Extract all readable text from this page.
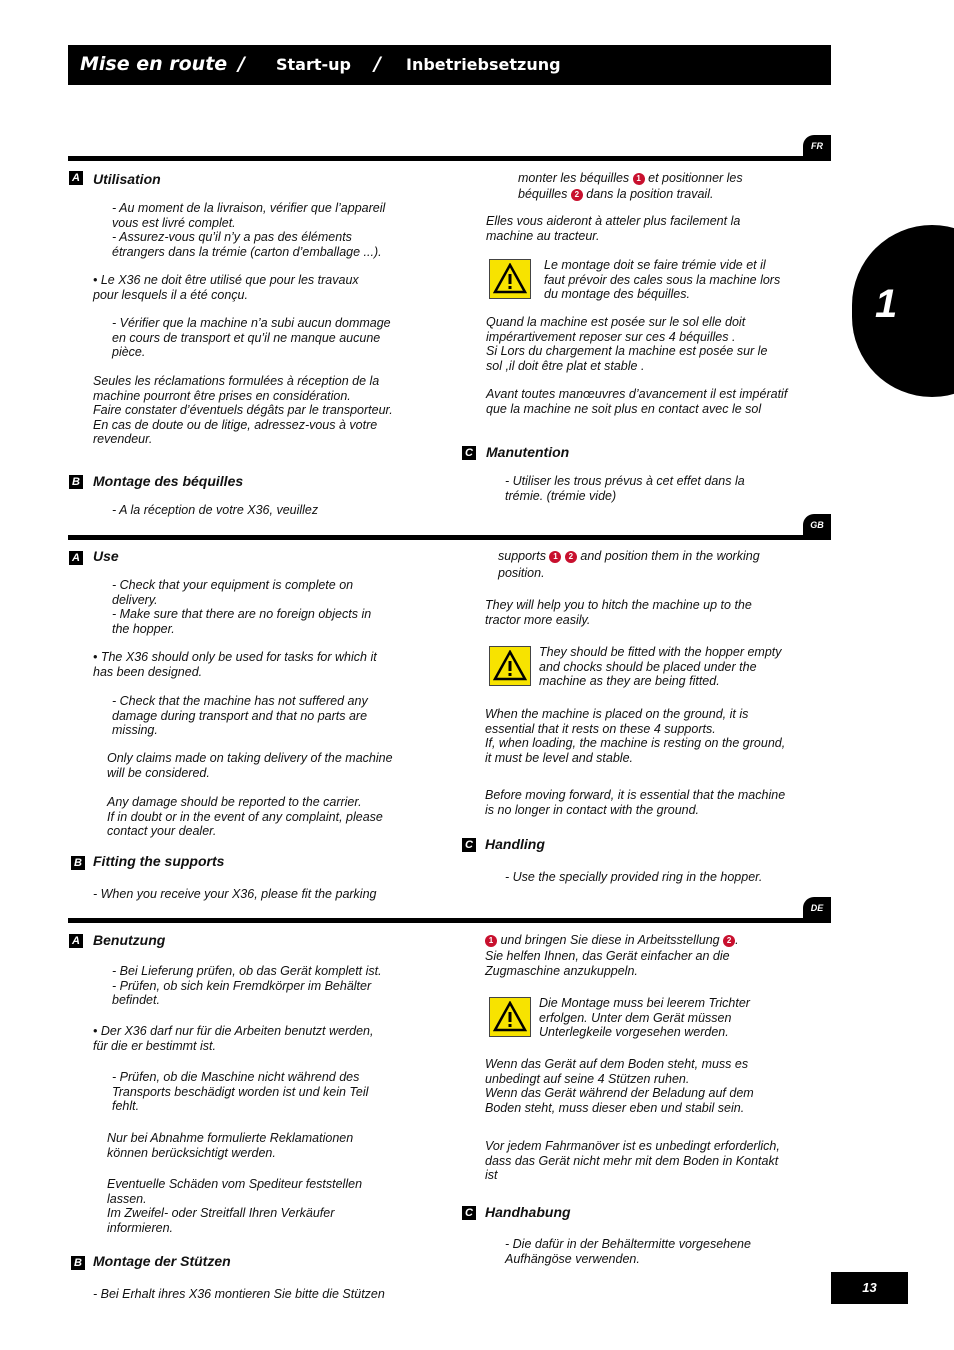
Mise en route / Start-up / Inbetriebsetzung
1
FR
A Utilisation
- Au moment de la livraison, vérifier que l’appareil
vous est livré complet.
- Assurez-vous qu’il n’y a pas des éléments
étrangers dans la trémie (carton d’emballage ...).
• Le X36 ne doit être utilisé que pour les travaux
pour lesquels il a été conçu.
- Vérifier que la machine n’a subi aucun dommage
en cours de transport et qu’il ne manque aucune
pièce.
Seules les réclamations formulées à réception de la
machine pourront être prises en considération.
Faire constater d’éventuels dégâts par le transporteur.
En cas de doute ou de litige, adressez-vous à votre
revendeur.
B Montage des béquilles
- A la réception de votre X36, veuillez
monter les béquilles 1 et positionner les
béquilles 2 dans la position travail.
Elles vous aideront à atteler plus facilement la
machine au tracteur.
Le montage doit se faire trémie vide et il
faut prévoir des cales sous la machine lors
du montage des béquilles.
Quand la machine est posée sur le sol elle doit
impérartivement reposer sur ces 4 béquilles .
Si Lors du chargement la machine est posée sur le
sol ,il doit être plat et stable .
Avant toutes manœuvres d’avancement il est impératif
que la machine ne soit plus en contact avec le sol
C Manutention
- Utiliser les trous prévus à cet effet dans la
trémie. (trémie vide)
GB
A Use
- Check that your equipment is complete on
delivery.
- Make sure that there are no foreign objects in
the hopper.
• The X36 should only be used for tasks for which it
has been designed.
- Check that the machine has not suffered any
damage during transport and that no parts are
missing.
Only claims made on taking delivery of the machine
will be considered.
Any damage should be reported to the carrier.
If in doubt or in the event of any complaint, please
contact your dealer.
B Fitting the supports
- When you receive your X36, please fit the parking
supports 1 2 and position them in the working
position.
They will help you to hitch the machine up to the
tractor more easily.
They should be fitted with the hopper empty
and chocks should be placed under the
machine as they are being fitted.
When the machine is placed on the ground, it is
essential that it rests on these 4 supports.
If, when loading, the machine is resting on the ground,
it must be level and stable.
Before moving forward, it is essential that the machine
is no longer in contact with the ground.
C Handling
- Use the specially provided ring in the hopper.
DE
A Benutzung
- Bei Lieferung prüfen, ob das Gerät komplett ist.
- Prüfen, ob sich kein Fremdkörper im Behälter
befindet.
• Der X36 darf nur für die Arbeiten benutzt werden,
für die er bestimmt ist.
- Prüfen, ob die Maschine nicht während des
Transports beschädigt worden ist und kein Teil
fehlt.
Nur bei Abnahme formulierte Reklamationen
können berücksichtigt werden.
Eventuelle Schäden vom Spediteur feststellen
lassen.
Im Zweifel- oder Streitfall Ihren Verkäufer
informieren.
B Montage der Stützen
- Bei Erhalt ihres X36 montieren Sie bitte die Stützen
1 und bringen Sie diese in Arbeitsstellung 2 .
Sie helfen Ihnen, das Gerät einfacher an die
Zugmaschine anzukuppeln.
Die Montage muss bei leerem Trichter
erfolgen. Unter dem Gerät müssen
Unterlegkeile vorgesehen werden.
Wenn das Gerät auf dem Boden steht, muss es
unbedingt auf seine 4 Stützen ruhen.
Wenn das Gerät während der Beladung auf dem
Boden steht, muss dieser eben und stabil sein.
Vor jedem Fahrmanöver ist es unbedingt erforderlich,
dass das Gerät nicht mehr mit dem Boden in Kontakt
ist
C Handhabung
- Die dafür in der Behältermitte vorgesehene
Aufhängöse verwenden.
13
